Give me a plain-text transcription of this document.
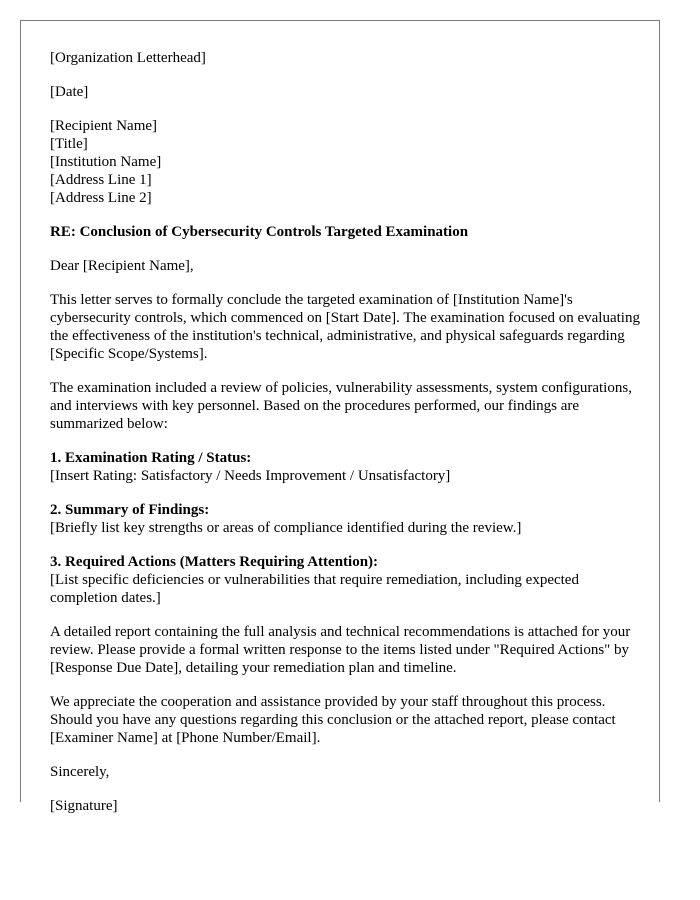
[Organization Letterhead]

[Date]

[Recipient Name]

[Title]

[Institution Name]

[Address Line 1]

[Address Line 2]

RE: Conclusion of Cybersecurity Controls Targeted Examination

Dear [Recipient Name],

This letter serves to formally conclude the targeted examination of [Institution Name]'s cybersecurity controls, which commenced on [Start Date]. The examination focused on evaluating the effectiveness of the institution's technical, administrative, and physical safeguards regarding [Specific Scope/Systems].

The examination included a review of policies, vulnerability assessments, system configurations, and interviews with key personnel. Based on the procedures performed, our findings are summarized below:

1. Examination Rating / Status:

[Insert Rating: Satisfactory / Needs Improvement / Unsatisfactory]

2. Summary of Findings:

[Briefly list key strengths or areas of compliance identified during the review.]

3. Required Actions (Matters Requiring Attention):

[List specific deficiencies or vulnerabilities that require remediation, including expected completion dates.]

A detailed report containing the full analysis and technical recommendations is attached for your review. Please provide a formal written response to the items listed under "Required Actions" by [Response Due Date], detailing your remediation plan and timeline.

We appreciate the cooperation and assistance provided by your staff throughout this process. Should you have any questions regarding this conclusion or the attached report, please contact [Examiner Name] at [Phone Number/Email].

Sincerely,

[Signature]
